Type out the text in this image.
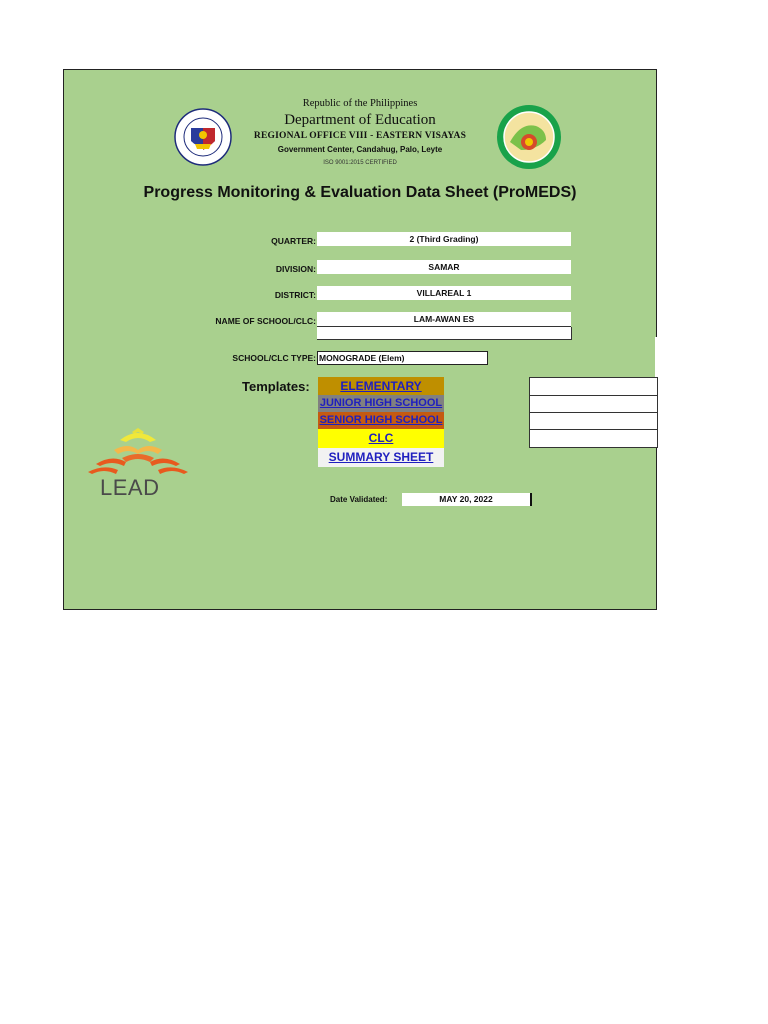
Republic of the Philippines
Department of Education
REGIONAL OFFICE VIII - EASTERN VISAYAS
Government Center, Candahug, Palo, Leyte
ISO 9001:2015 CERTIFIED
Progress Monitoring & Evaluation Data Sheet (ProMEDS)
QUARTER:	2 (Third Grading)
DIVISION:	SAMAR
DISTRICT:	VILLAREAL 1
NAME OF SCHOOL/CLC:	LAM-AWAN ES
SCHOOL/CLC TYPE: MONOGRADE (Elem)
Templates:	ELEMENTARY
JUNIOR HIGH SCHOOL
SENIOR HIGH SCHOOL
CLC
SUMMARY SHEET
LEAD	Date Validated:	MAY 20, 2022
